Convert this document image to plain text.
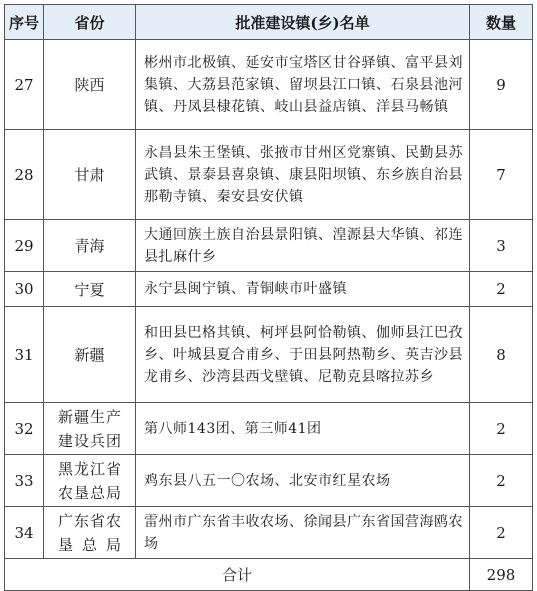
序号	省份	批准建设镇(乡)名单	数量
27	陕西	彬州市北极镇、延安市宝塔区甘谷驿镇、富平县刘集镇、大荔县范家镇、留坝县江口镇、石泉县池河镇、丹凤县棣花镇、岐山县益店镇、洋县马畅镇	9
28	甘肃	永昌县朱王堡镇、张掖市甘州区党寨镇、民勤县苏武镇、景泰县喜泉镇、康县阳坝镇、东乡族自治县那勒寺镇、秦安县安伏镇	7
29	青海	大通回族土族自治县景阳镇、湟源县大华镇、祁连县扎麻什乡	3
30	宁夏	永宁县闽宁镇、青铜峡市叶盛镇	2
31	新疆	和田县巴格其镇、柯坪县阿恰勒镇、伽师县江巴孜乡、叶城县夏合甫乡、于田县阿热勒乡、英吉沙县龙甫乡、沙湾县西戈壁镇、尼勒克县喀拉苏乡	8
32	新疆生产建设兵团	第八师143团、第三师41团	2
33	黑龙江省农垦总局	鸡东县八五一〇农场、北安市红星农场	2
34	广东省农垦总局	雷州市广东省丰收农场、徐闻县广东省国营海鸥农场	2
合计			298
